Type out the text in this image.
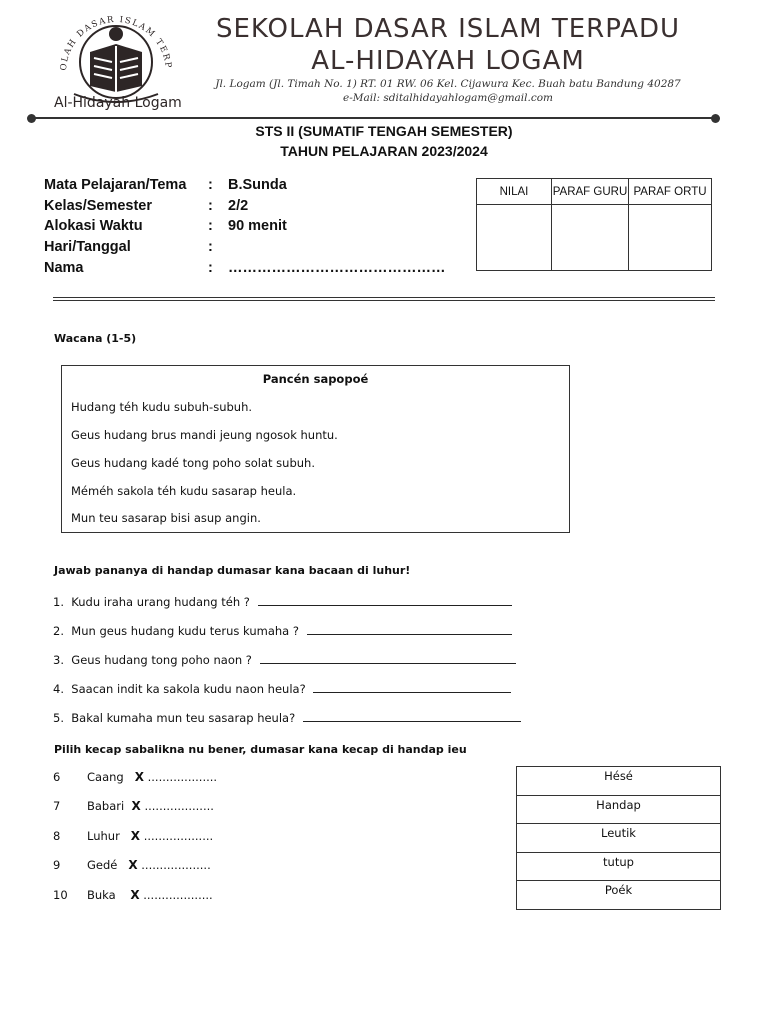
OLAH DASAR ISLAM TERP
Al-Hidayah Logam
SEKOLAH DASAR ISLAM TERPADU
AL-HIDAYAH LOGAM
Jl. Logam (Jl. Timah No. 1) RT. 01 RW. 06 Kel. Cijawura Kec. Buah batu Bandung 40287
e-Mail: sditalhidayahlogam@gmail.com
STS II (SUMATIF TENGAH SEMESTER)
TAHUN PELAJARAN 2023/2024
Mata Pelajaran/Tema : B.Sunda
Kelas/Semester	: 2/2
Alokasi Waktu	: 90 menit
Hari/Tanggal	:
Nama	: ………………………………………
NILAI	PARAF GURU	PARAF ORTU

Wacana (1-5)
Pancén sapopoé
Hudang téh kudu subuh-subuh.
Geus hudang brus mandi jeung ngosok huntu.
Geus hudang kadé tong poho solat subuh.
Méméh sakola téh kudu sasarap heula.
Mun teu sasarap bisi asup angin.
Jawab pananya di handap dumasar kana bacaan di luhur!
1. Kudu iraha urang hudang téh ?
2. Mun geus hudang kudu terus kumaha ?
3. Geus hudang tong poho naon ?
4. Saacan indit ka sakola kudu naon heula?
5. Bakal kumaha mun teu sasarap heula?
Pilih kecap sabalikna nu bener, dumasar kana kecap di handap ieu
6 Caang X ...................
7 Babari X ...................
8 Luhur X ...................
9 Gedé X ...................
10 Buka X ...................
Hésé
Handap
Leutik
tutup
Poék
